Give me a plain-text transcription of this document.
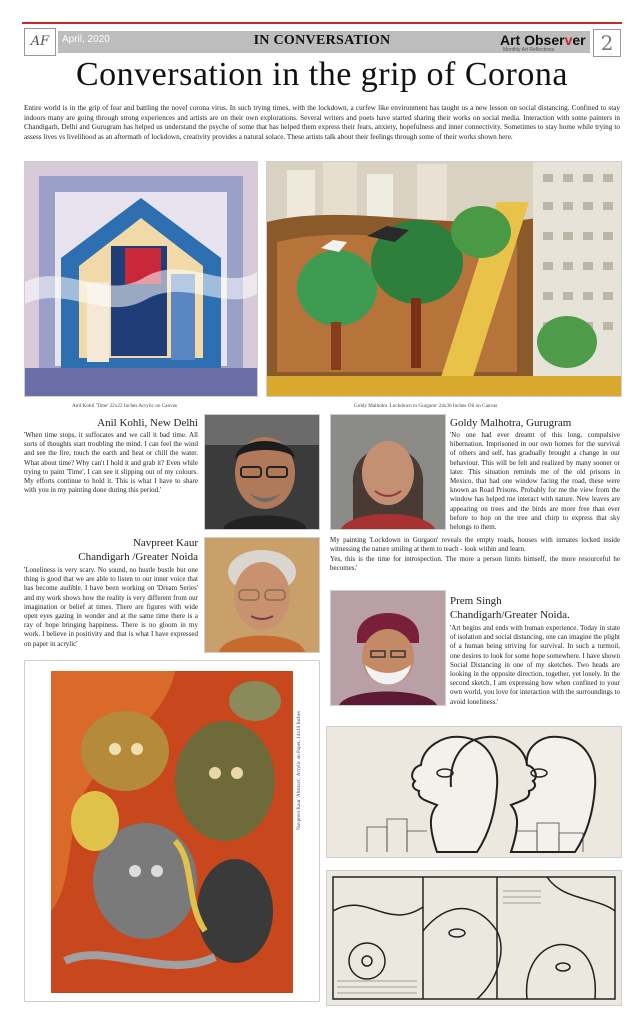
AF	April, 2020	IN CONVERSATION	Art Observer
Monthly Art Reflections	2
Conversation in the grip of Corona
Entire world is in the grip of fear and battling the novel corona virus. In such trying times, with the lockdown, a curfew like environment has taught us a new lesson on social distancing. Confined to stay indoors many are going through strong experiences and artists are on their own explorations. Several writers and poets have started sharing their works on social media. Interaction with some painters in Chandigarh, Delhi and Gurugram has helped us understand the psyche of some that has helped them express their fears, anxiety, hopefulness and inner connectivity. Sometimes to stay home while trying to assess lives vs livelihood as an aftermath of lockdown, creativity provides a natural solace. These artists talk about their feelings through some of their works shown here.
Anil Kohli 'Time' 22x22 Inches Acrylic on Canvas	Goldy Malhotra 'Lockdown in Gurgaon' 24x36 Inches Oil on Canvas
Anil Kohli, New Delhi
'When time stops, it suffocates and we call it bad time. All sorts of thoughts start troubling the mind. I can feel the wind and see the fire, touch the earth and heat or chill the water. What about time? Why can't I hold it and grab it? Even while trying to paint 'Time', I can see it slipping out of my colours. My efforts continue to hold it. This is what I have to share with you in my painting done during this period.'
Navpreet Kaur
Chandigarh /Greater Noida
'Loneliness is very scary. No sound, no hustle bustle but one thing is good that we are able to listen to our inner voice that has become audible. I have been working on 'Dream Series' and my work shows how the reality is very different from our imagination or belief at times. There are figures with wide open eyes gazing in wonder and at the same time there is a ray of hope bringing happiness. There is no gloom in my work. I believe in positivity and that is what I have expressed on paper in acrylic'
Navpreet Kaur 'Abstract', Acrylic on Paper, 14x10 Inches
Goldy Malhotra, Gurugram
'No one had ever dreamt of this long, compulsive hibernation. Imprisoned in our own homes for the survival of others and self, has gradually brought a change in our behaviour. This will be felt and realized by many sooner or later. This situation reminds me of the old prisons in Mexico, that had one window facing the road, these were known as Road Prisons. Probably for me the view from the window has helped me interact with nature. New leaves are appearing on trees and the birds are more free than ever before to hop on the tree and chirp to express that sky belongs to them.
My painting 'Lockdown in Gurgaon' reveals the empty roads, houses with inmates locked inside witnessing the nature smiling at them to teach - look within and learn.
Yes, this is the time for introspection. The more a person limits himself, the more resourceful he becomes.'
Prem Singh
Chandigarh/Greater Noida.
'Art begins and ends with human experience. Today in state of isolation and social distancing, one can imagine the plight of a human being striving for survival. In such a turmoil, one desires to look for some hope somewhere. I have shown Social Distancing in one of my sketches. Two heads are looking in the opposite direction, together, yet lonely. In the second sketch, I am expressing how when confined to your own world, you love for interaction with the surroundings to avoid loneliness.'
